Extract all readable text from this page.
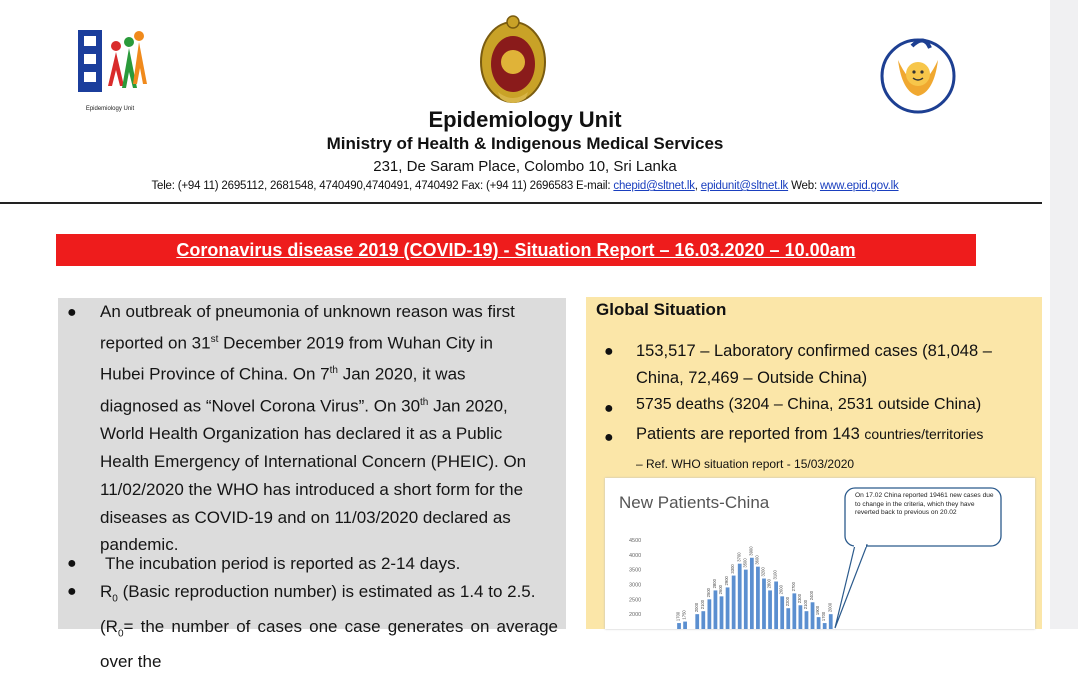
Epidemiology Unit	Epidemiology Unit
Ministry of Health & Indigenous Medical Services
231, De Saram Place, Colombo 10, Sri Lanka
Tele: (+94 11) 2695112, 2681548, 4740490,4740491, 4740492 Fax: (+94 11) 2696583 E-mail: chepid@sltnet.lk, epidunit@sltnet.lk Web: www.epid.gov.lk
Coronavirus disease 2019 (COVID-19) - Situation Report – 16.03.2020 – 10.00am
● An outbreak of pneumonia of unknown reason was first
reported on 31st December 2019 from Wuhan City in
Hubei Province of China. On 7th Jan 2020, it was
diagnosed as “Novel Corona Virus”. On 30th Jan 2020,
World Health Organization has declared it as a Public
Health Emergency of International Concern (PHEIC). On
11/02/2020 the WHO has introduced a short form for the
diseases as COVID-19 and on 11/03/2020 declared as
pandemic.
● The incubation period is reported as 2-14 days.
● $R_0$ (Basic reproduction number) is estimated as 1.4 to 2.5.
($R_0=$ the number of cases one case generates on average over the
Global Situation
● 153,517 – Laboratory confirmed cases (81,048 –
China, 72,469 – Outside China)
● 5735 deaths (3204 – China, 2531 outside China)
● Patients are reported from 143 countries/territories
– Ref. WHO situation report - 15/03/2020
New Patients-China
2000
2500
3000
3500
4000
4500
1700 1750
2000 2100
2500
2800
2600
2900
3300
3700
3500
3900
3600
3200
2800
3100
2600
2200
2700
2300
2100
2400
1900
1700
2000
On 17.02 China reported 19461 new cases due to change in the criteria, which they have reverted back to previous on 20.02
